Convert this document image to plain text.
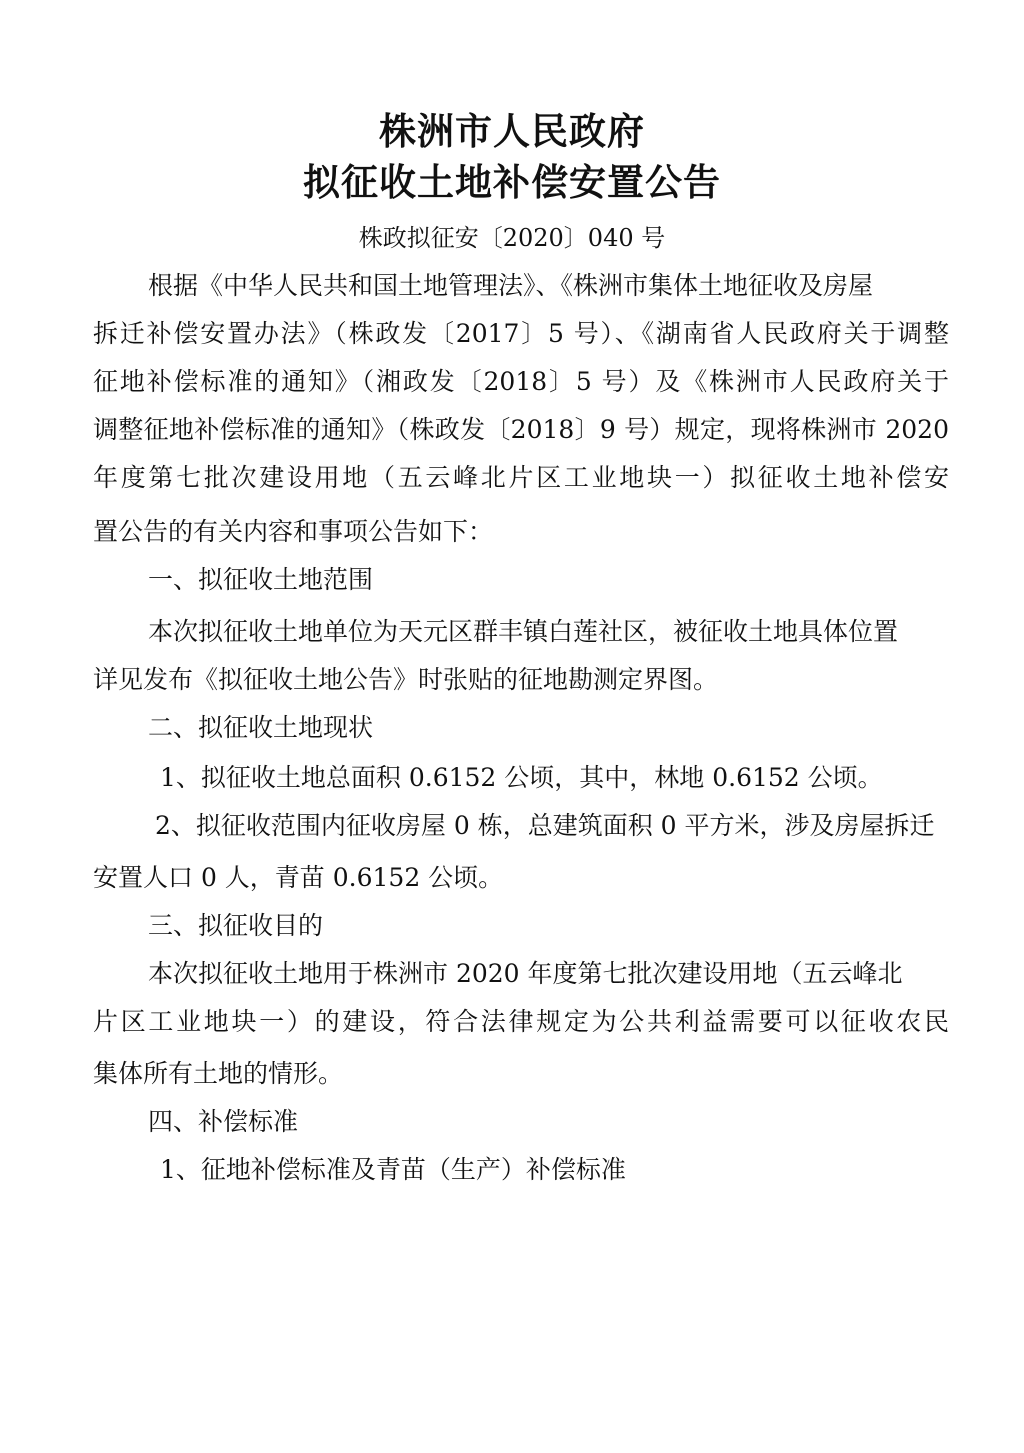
株洲市人民政府
拟征收土地补偿安置公告
株政拟征安〔2020〕040 号
根据《中华人民共和国土地管理法》、《株洲市集体土地征收及房屋
拆迁补偿安置办法》（株政发〔2017〕5 号）、《湖南省人民政府关于调整
征地补偿标准的通知》（湘政发〔2018〕5 号）及《株洲市人民政府关于
调整征地补偿标准的通知》（株政发〔2018〕9 号）规定，现将株洲市 2020
年度第七批次建设用地（五云峰北片区工业地块一）拟征收土地补偿安
置公告的有关内容和事项公告如下：
一、拟征收土地范围
本次拟征收土地单位为天元区群丰镇白莲社区，被征收土地具体位置
详见发布《拟征收土地公告》时张贴的征地勘测定界图。
二、拟征收土地现状
1、拟征收土地总面积 0.6152 公顷，其中，林地 0.6152 公顷。
2、拟征收范围内征收房屋 0 栋，总建筑面积 0 平方米，涉及房屋拆迁
安置人口 0 人，青苗 0.6152 公顷。
三、拟征收目的
本次拟征收土地用于株洲市 2020 年度第七批次建设用地（五云峰北
片区工业地块一）的建设，符合法律规定为公共利益需要可以征收农民
集体所有土地的情形。
四、补偿标准
1、征地补偿标准及青苗（生产）补偿标准
